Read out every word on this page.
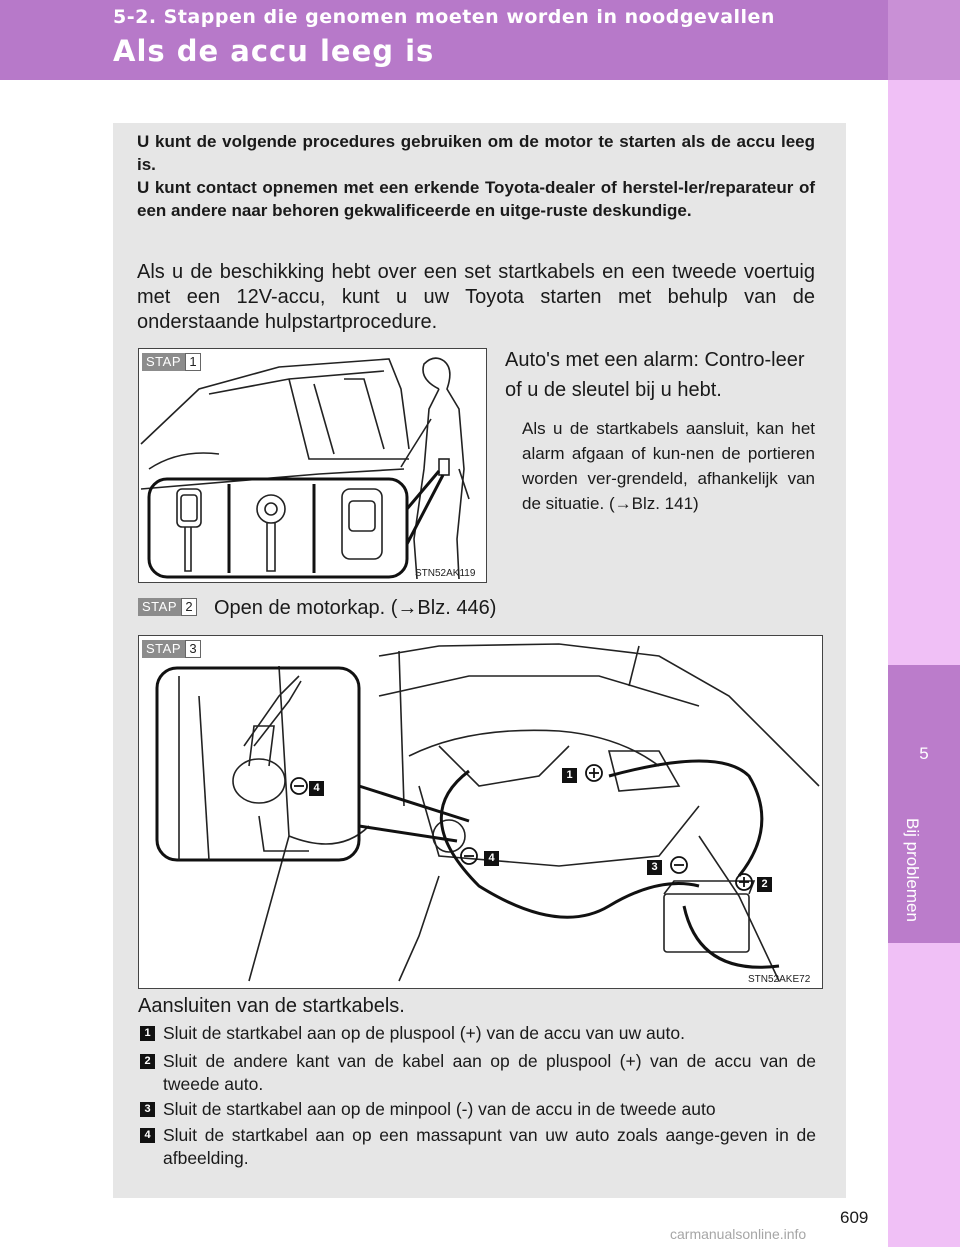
5-2. Stappen die genomen moeten worden in noodgevallen
Als de accu leeg is
5
Bij problemen

U kunt de volgende procedures gebruiken om de motor te starten als de accu leeg is.

U kunt contact opnemen met een erkende Toyota-dealer of herstel-ler/reparateur of een andere naar behoren gekwalificeerde en uitge-ruste deskundige.

Als u de beschikking hebt over een set startkabels en een tweede voertuig met een 12V-accu, kunt u uw Toyota starten met behulp van de onderstaande hulpstartprocedure.

STAP 1
STN52AK119

Auto's met een alarm: Contro-leer of u de sleutel bij u hebt.

Als u de startkabels aansluit, kan het alarm afgaan of kun-nen de portieren worden ver-grendeld, afhankelijk van de situatie. (→Blz. 141)

STAP 2 Open de motorkap. (→Blz. 446)

STAP 3
1
2
3
4
4
STN52AKE72

Aansluiten van de startkabels.

1 Sluit de startkabel aan op de pluspool (+) van de accu van uw auto.
2 Sluit de andere kant van de kabel aan op de pluspool (+) van de accu van de tweede auto.
3 Sluit de startkabel aan op de minpool (-) van de accu in de tweede auto
4 Sluit de startkabel aan op een massapunt van uw auto zoals aange-geven in de afbeelding.
609
carmanualsonline.info
